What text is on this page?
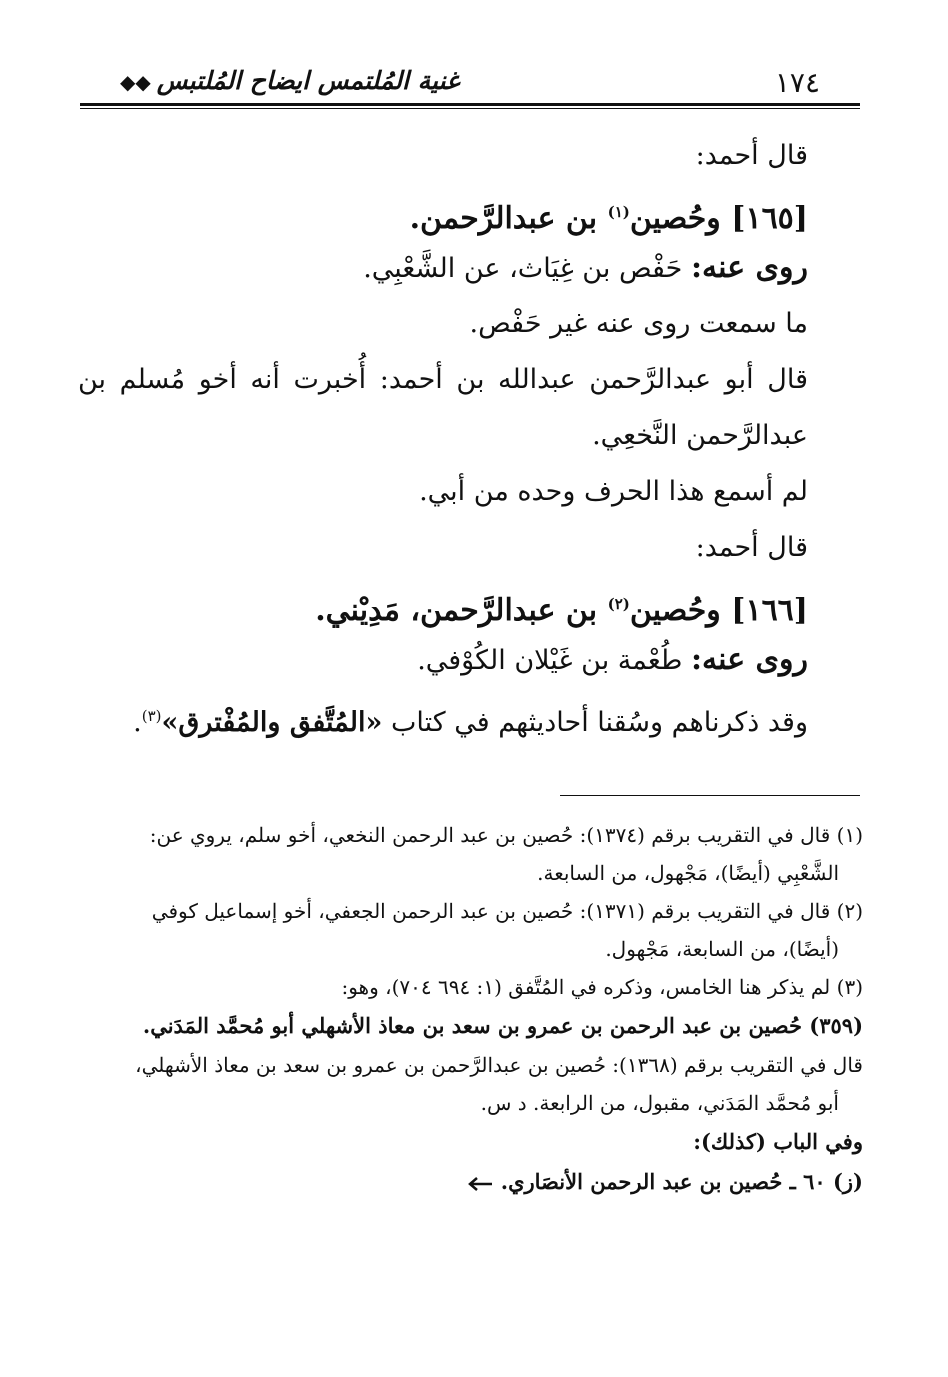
١٧٤
غنية المُلتمس ايضاح المُلتبس◆◆
قال أحمد:
[١٦٥] وحُصين$^{(١)}$ بن عبدالرَّحمن.
روى عنه: حَفْص بن غِيَاث، عن الشَّعْبِي.
ما سمعت روى عنه غير حَفْص.
قال أبو عبدالرَّحمن عبدالله بن أحمد: أُخبرت أنه أخو مُسلم بن عبدالرَّحمن النَّخعِي.
لم أسمع هذا الحرف وحده من أبي.
قال أحمد:
[١٦٦] وحُصين$^{(٢)}$ بن عبدالرَّحمن، مَدِيْني.
روى عنه: طُعْمة بن غَيْلان الكُوْفي.
وقد ذكرناهم وسُقنا أحاديثهم في كتاب «المُتَّفق والمُفْترق»$^{(٣)}$.
(١) قال في التقريب برقم (١٣٧٤): حُصين بن عبد الرحمن النخعي، أخو سلم، يروي عن:
الشَّعْبِي (أيضًا)، مَجْهول، من السابعة.
(٢) قال في التقريب برقم (١٣٧١): حُصين بن عبد الرحمن الجعفي، أخو إسماعيل كوفي
(أيضًا)، من السابعة، مَجْهول.
(٣) لم يذكر هنا الخامس، وذكره في المُتَّفق (١: ٦٩٤ ٧٠٤)، وهو:
(٣٥٩) حُصين بن عبد الرحمن بن عمرو بن سعد بن معاذ الأشهلي أبو مُحمَّد المَدَني.
قال في التقريب برقم (١٣٦٨): حُصين بن عبدالرَّحمن بن عمرو بن سعد بن معاذ الأشهلي،
أبو مُحمَّد المَدَني، مقبول، من الرابعة. د س.
وفي الباب (كذلك):
(ز) ٦٠ ـ حُصين بن عبد الرحمن الأنصَاري.
